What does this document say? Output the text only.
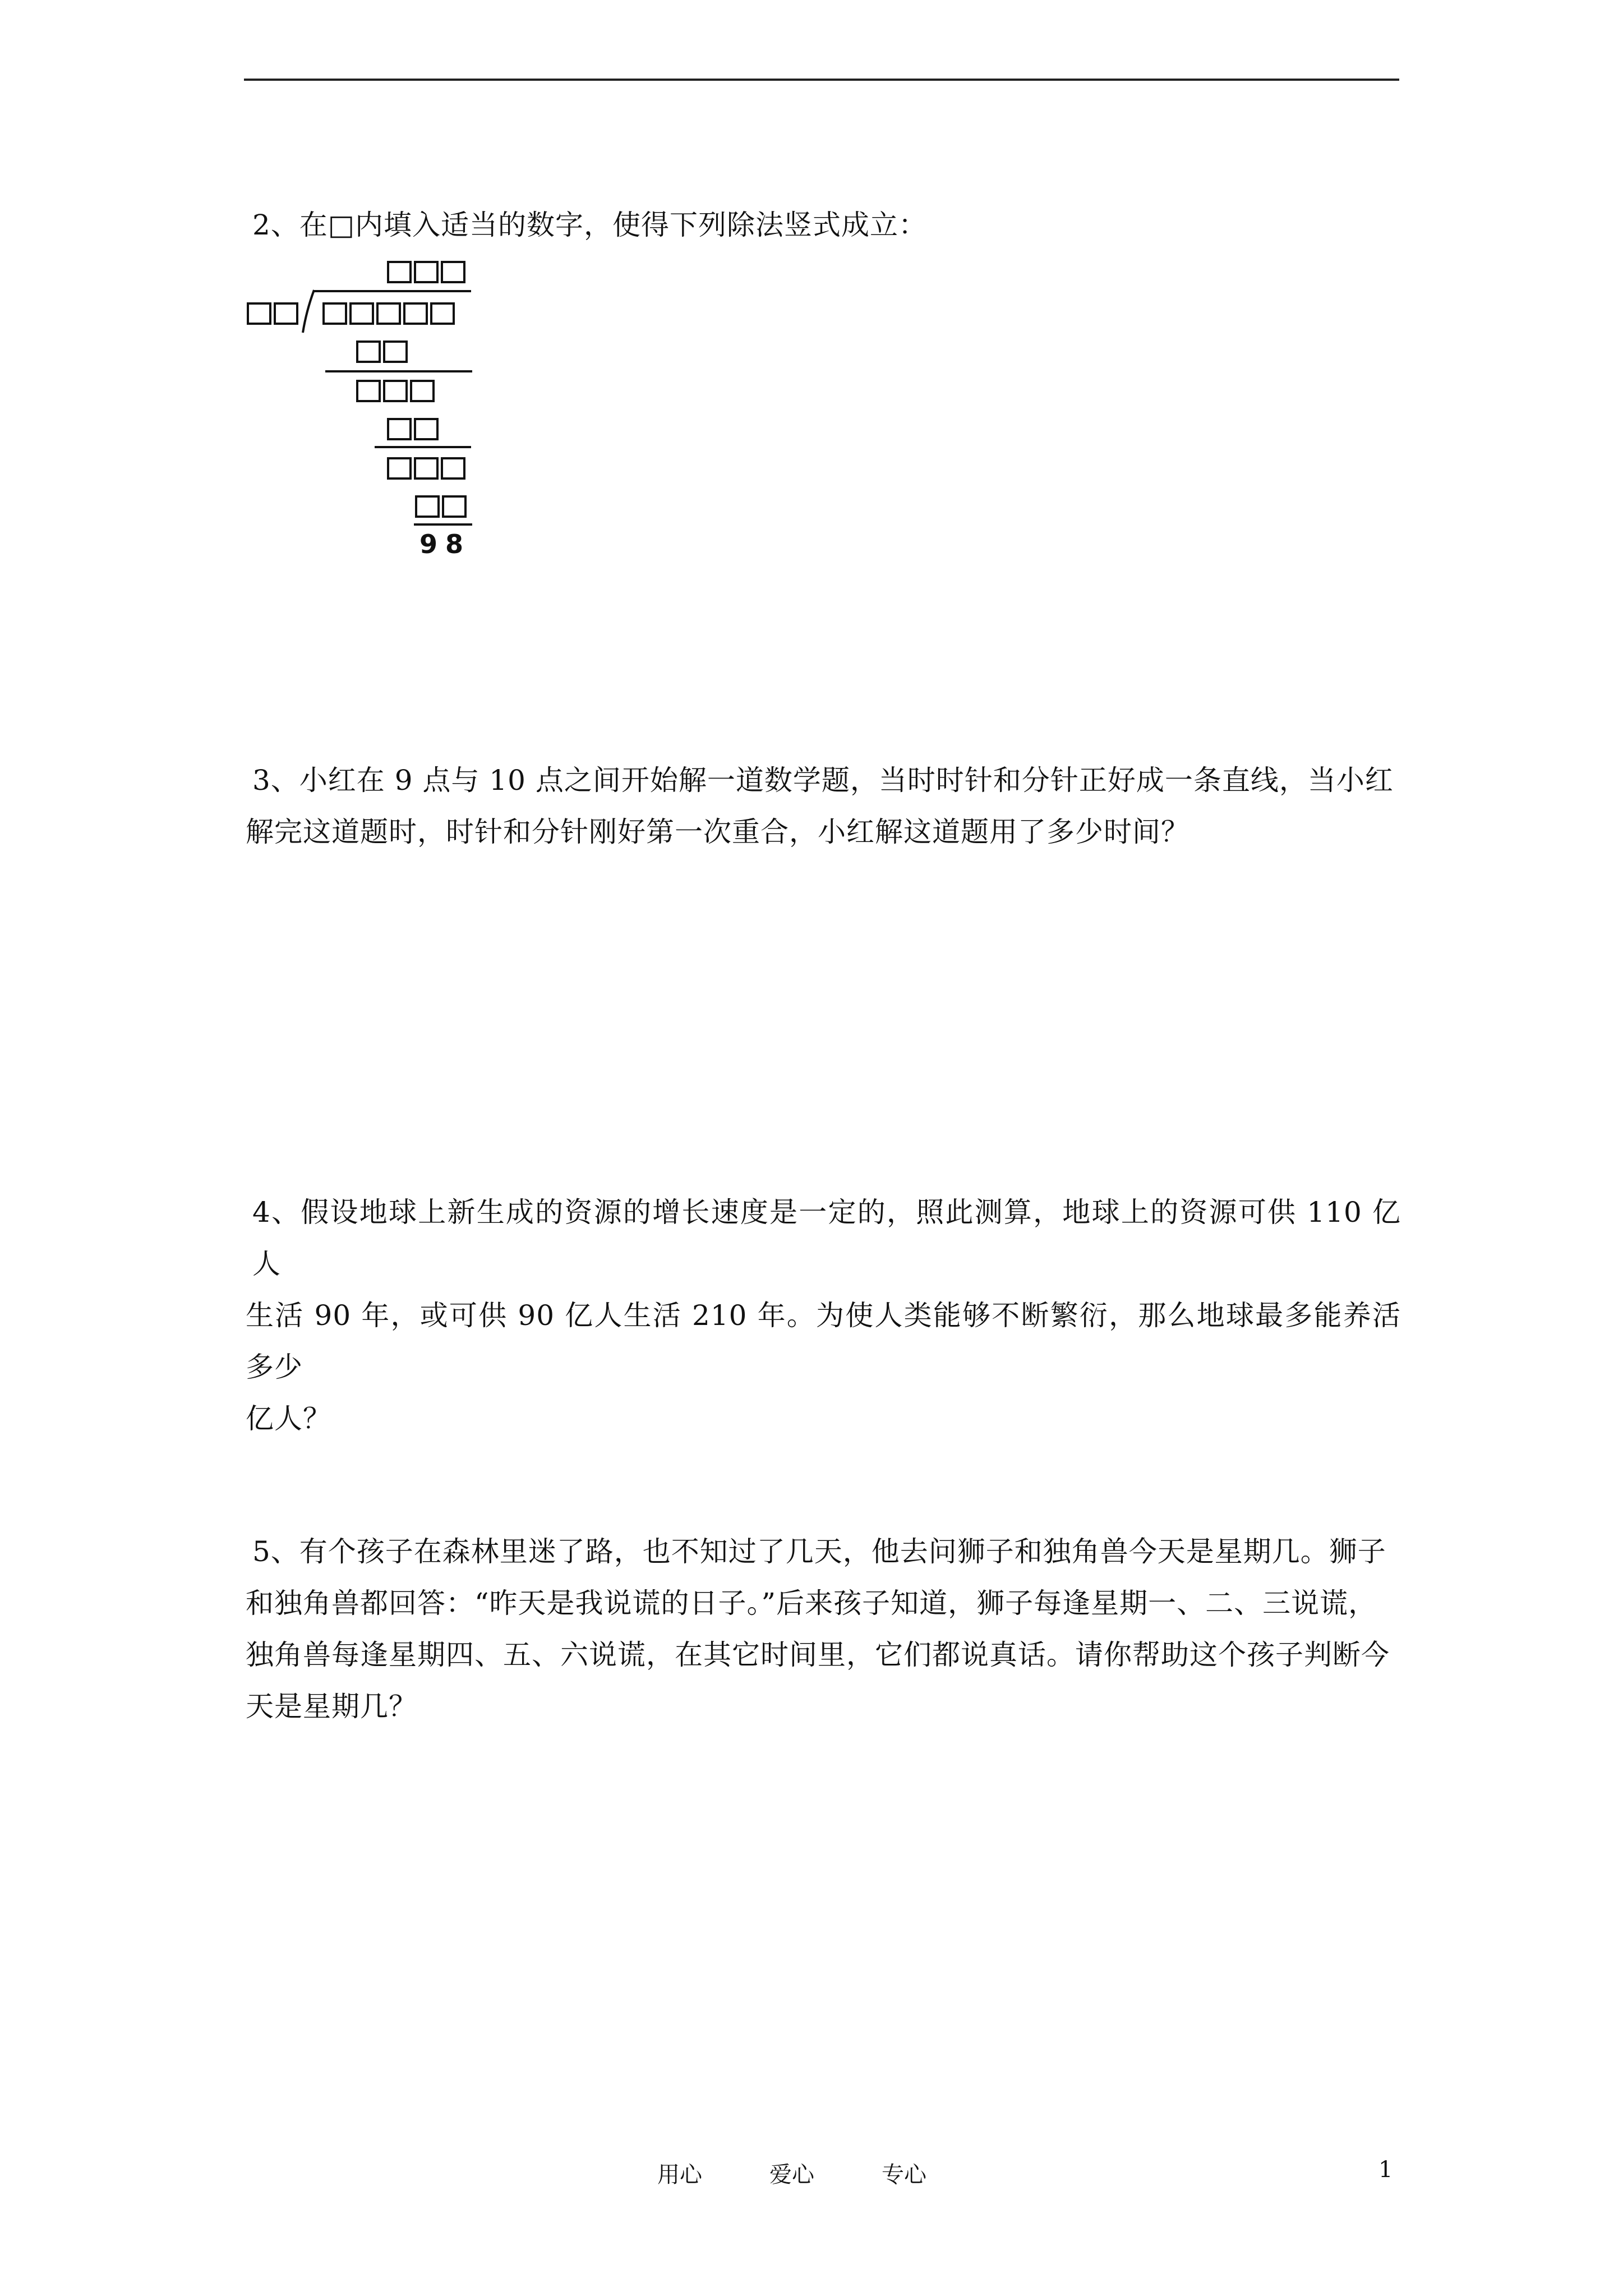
2、在□内填入适当的数字，使得下列除法竖式成立：

98

3、小红在 9 点与 10 点之间开始解一道数学题，当时时针和分针正好成一条直线，当小红
解完这道题时，时针和分针刚好第一次重合，小红解这道题用了多少时间？

4、假设地球上新生成的资源的增长速度是一定的，照此测算，地球上的资源可供 110 亿人
生活 90 年，或可供 90 亿人生活 210 年。为使人类能够不断繁衍，那么地球最多能养活多少
亿人？

5、有个孩子在森林里迷了路，也不知过了几天，他去问狮子和独角兽今天是星期几。狮子
和独角兽都回答：“昨天是我说谎的日子。”后来孩子知道，狮子每逢星期一、二、三说谎，
独角兽每逢星期四、五、六说谎，在其它时间里，它们都说真话。请你帮助这个孩子判断今
天是星期几？

用心	爱心	专心	1
